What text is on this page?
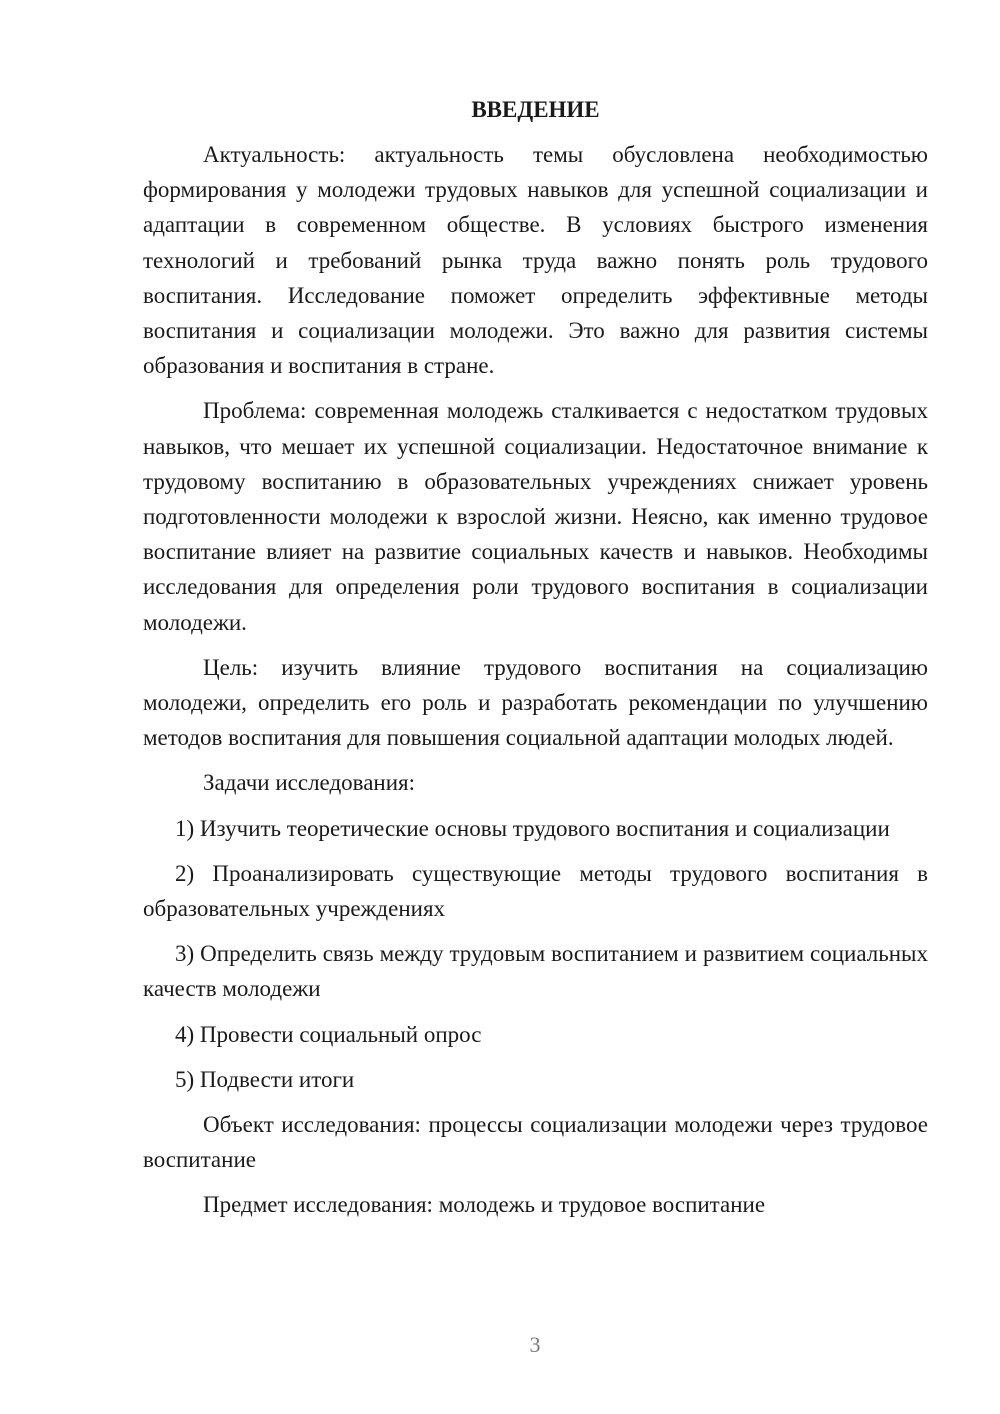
ВВЕДЕНИЕ

Актуальность: актуальность темы обусловлена необходимостью формирования у молодежи трудовых навыков для успешной социализации и адаптации в современном обществе. В условиях быстрого изменения технологий и требований рынка труда важно понять роль трудового воспитания. Исследование поможет определить эффективные методы воспитания и социализации молодежи. Это важно для развития системы образования и воспитания в стране.

Проблема: современная молодежь сталкивается с недостатком трудовых навыков, что мешает их успешной социализации. Недостаточное внимание к трудовому воспитанию в образовательных учреждениях снижает уровень подготовленности молодежи к взрослой жизни. Неясно, как именно трудовое воспитание влияет на развитие социальных качеств и навыков. Необходимы исследования для определения роли трудового воспитания в социализации молодежи.

Цель: изучить влияние трудового воспитания на социализацию молодежи, определить его роль и разработать рекомендации по улучшению методов воспитания для повышения социальной адаптации молодых людей.

Задачи исследования:

1) Изучить теоретические основы трудового воспитания и социализации

2) Проанализировать существующие методы трудового воспитания в образовательных учреждениях

3) Определить связь между трудовым воспитанием и развитием социальных качеств молодежи

4) Провести социальный опрос

5) Подвести итоги

Объект исследования: процессы социализации молодежи через трудовое воспитание

Предмет исследования: молодежь и трудовое воспитание

3
